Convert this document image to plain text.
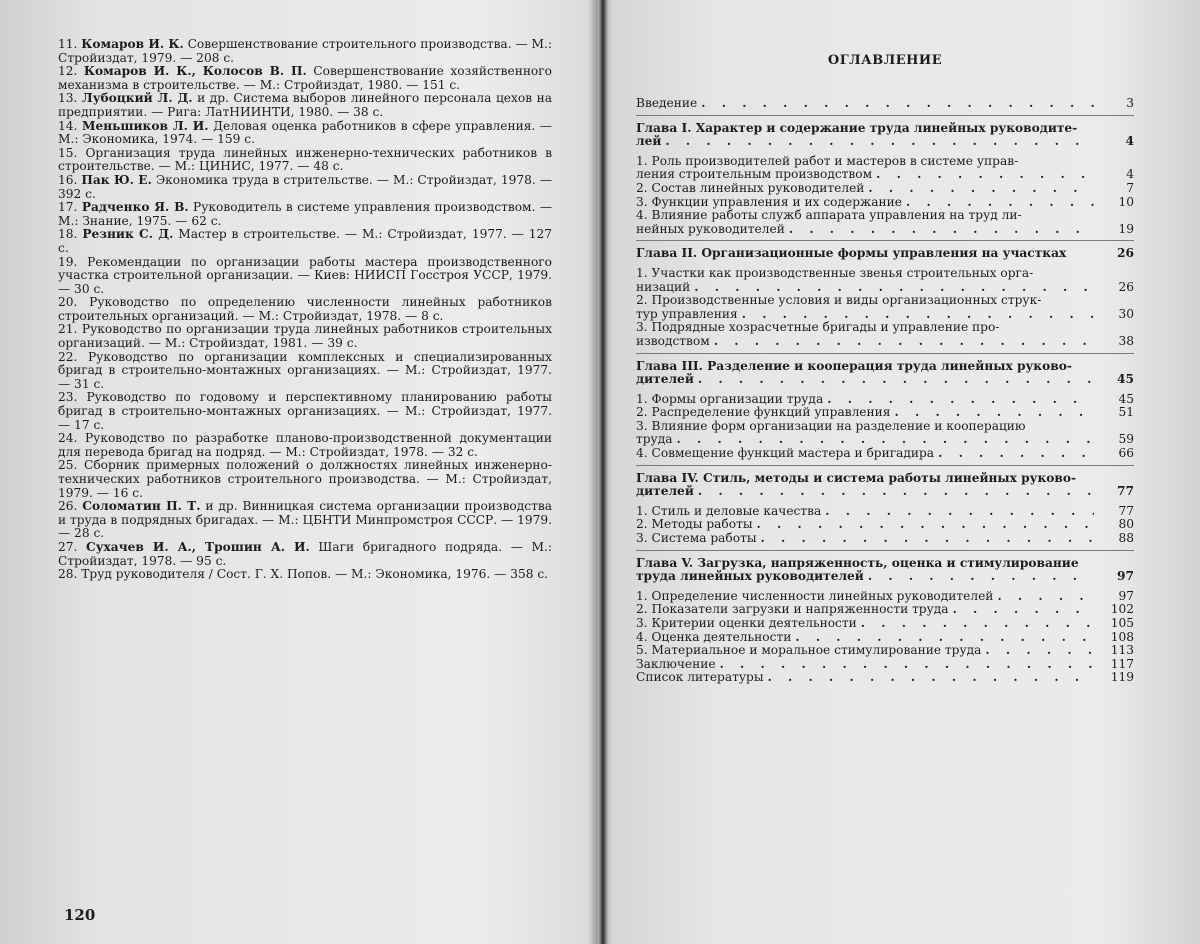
11. Комаров И. К. Совершенствование строительного производства. — М.: Стройиздат, 1979. — 208 с.

12. Комаров И. К., Колосов В. П. Совершенствование хозяйственного механизма в строительстве. — М.: Стройиздат, 1980. — 151 с.

13. Лубоцкий Л. Д. и др. Система выборов линейного персонала цехов на предприятии. — Рига: ЛатНИИНТИ, 1980. — 38 с.

14. Меньшиков Л. И. Деловая оценка работников в сфере управления. — М.: Экономика, 1974. — 159 с.

15. Организация труда линейных инженерно-технических работников в строительстве. — М.: ЦИНИС, 1977. — 48 с.

16. Пак Ю. Е. Экономика труда в стрительстве. — М.: Стройиздат, 1978. — 392 с.

17. Радченко Я. В. Руководитель в системе управления производством. — М.: Знание, 1975. — 62 с.

18. Резник С. Д. Мастер в строительстве. — М.: Стройиздат, 1977. — 127 с.

19. Рекомендации по организации работы мастера производственного участка строительной организации. — Киев: НИИСП Госстроя УССР, 1979. — 30 с.

20. Руководство по определению численности линейных работников строительных организаций. — М.: Стройиздат, 1978. — 8 с.

21. Руководство по организации труда линейных работников строительных организаций. — М.: Стройиздат, 1981. — 39 с.

22. Руководство по организации комплексных и специализированных бригад в строительно-монтажных организациях. — М.: Стройиздат, 1977. — 31 с.

23. Руководство по годовому и перспективному планированию работы бригад в строительно-монтажных организациях. — М.: Стройиздат, 1977. — 17 с.

24. Руководство по разработке планово-производственной документации для перевода бригад на подряд. — М.: Стройиздат, 1978. — 32 с.

25. Сборник примерных положений о должностях линейных инженерно-технических работников строительного производства. — М.: Стройиздат, 1979. — 16 с.

26. Соломатин П. Т. и др. Винницкая система организации производства и труда в подрядных бригадах. — М.: ЦБНТИ Минпромстроя СССР. — 1979. — 28 с.

27. Сухачев И. А., Трошин А. И. Шаги бригадного подряда. — М.: Стройиздат, 1978. — 95 с.

28. Труд руководителя / Сост. Г. Х. Попов. — М.: Экономика, 1976. — 358 с.

120
ОГЛАВЛЕНИЕ
Введение . . .	3
Глава I. Характер и содержание труда линейных руководите-
лей . . .	4
1. Роль производителей работ и мастеров в системе управ-
ления строительным производством . . .	4
2. Состав линейных руководителей . . .	7
3. Функции управления и их содержание . . .	10
4. Влияние работы служб аппарата управления на труд ли-
нейных руководителей . . .	19
Глава II. Организационные формы управления на участках	26
1. Участки как производственные звенья строительных орга-
низаций . . .	26
2. Производственные условия и виды организационных струк-
тур управления . . .	30
3. Подрядные хозрасчетные бригады и управление про-
изводством . . .	38
Глава III. Разделение и кооперация труда линейных руково-
дителей . . .	45
1. Формы организации труда . . .	45
2. Распределение функций управления . . .	51
3. Влияние форм организации на разделение и кооперацию
труда . . .	59
4. Совмещение функций мастера и бригадира . . .	66
Глава IV. Стиль, методы и система работы линейных руково-
дителей . . .	77
1. Стиль и деловые качества . . .	77
2. Методы работы . . .	80
3. Система работы . . .	88
Глава V. Загрузка, напряженность, оценка и стимулирование
труда линейных руководителей . . .	97
1. Определение численности линейных руководителей . . .	97
2. Показатели загрузки и напряженности труда . . .	102
3. Критерии оценки деятельности . . .	105
4. Оценка деятельности . . .	108
5. Материальное и моральное стимулирование труда . . .	113
Заключение . . .	117
Список литературы . . .	119
